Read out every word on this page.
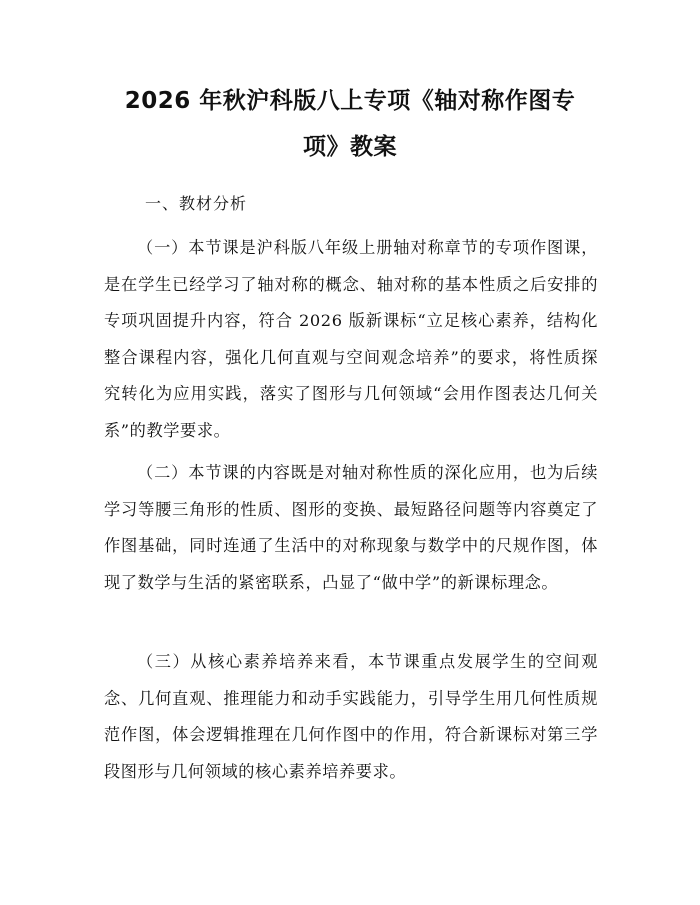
2026 年秋沪科版八上专项《轴对称作图专
项》教案
一、教材分析

（一）本节课是沪科版八年级上册轴对称章节的专项作图课，是在学生已经学习了轴对称的概念、轴对称的基本性质之后安排的专项巩固提升内容，符合 2026 版新课标“立足核心素养，结构化整合课程内容，强化几何直观与空间观念培养”的要求，将性质探究转化为应用实践，落实了图形与几何领域“会用作图表达几何关系”的教学要求。

（二）本节课的内容既是对轴对称性质的深化应用，也为后续学习等腰三角形的性质、图形的变换、最短路径问题等内容奠定了作图基础，同时连通了生活中的对称现象与数学中的尺规作图，体现了数学与生活的紧密联系，凸显了“做中学”的新课标理念。

（三）从核心素养培养来看，本节课重点发展学生的空间观念、几何直观、推理能力和动手实践能力，引导学生用几何性质规范作图，体会逻辑推理在几何作图中的作用，符合新课标对第三学段图形与几何领域的核心素养培养要求。
